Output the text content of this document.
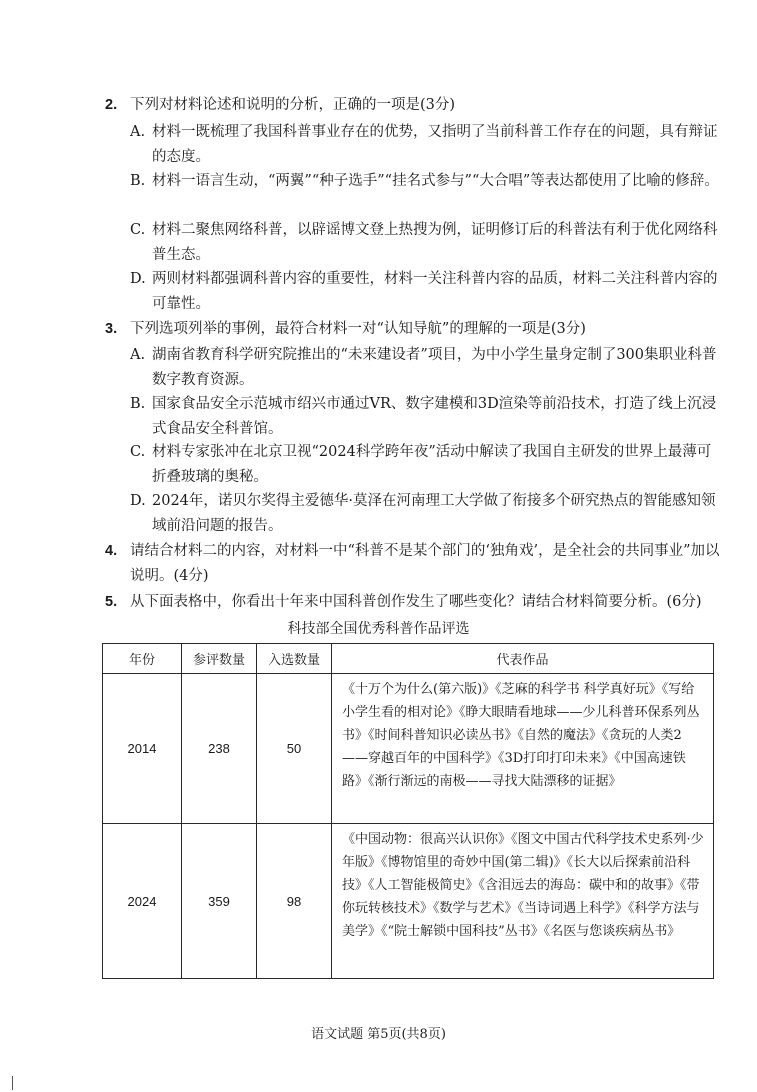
2. 下列对材料论述和说明的分析，正确的一项是(3分)
A. 材料一既梳理了我国科普事业存在的优势，又指明了当前科普工作存在的问题，具有辩证的态度。
B. 材料一语言生动，“两翼”“种子选手”“挂名式参与”“大合唱”等表达都使用了比喻的修辞。
C. 材料二聚焦网络科普，以辟谣博文登上热搜为例，证明修订后的科普法有利于优化网络科普生态。
D. 两则材料都强调科普内容的重要性，材料一关注科普内容的品质，材料二关注科普内容的可靠性。
3. 下列选项列举的事例，最符合材料一对“认知导航”的理解的一项是(3分)
A. 湖南省教育科学研究院推出的“未来建设者”项目，为中小学生量身定制了300集职业科普数字教育资源。
B. 国家食品安全示范城市绍兴市通过VR、数字建模和3D渲染等前沿技术，打造了线上沉浸式食品安全科普馆。
C. 材料专家张冲在北京卫视“2024科学跨年夜”活动中解读了我国自主研发的世界上最薄可折叠玻璃的奥秘。
D. 2024年，诺贝尔奖得主爱德华·莫泽在河南理工大学做了衔接多个研究热点的智能感知领域前沿问题的报告。
4. 请结合材料二的内容，对材料一中“科普不是某个部门的‘独角戏’，是全社会的共同事业”加以说明。(4分)
5. 从下面表格中，你看出十年来中国科普创作发生了哪些变化？请结合材料简要分析。(6分)
科技部全国优秀科普作品评选
年份	参评数量	入选数量	代表作品
2014	238	50	《十万个为什么(第六版)》《芝麻的科学书 科学真好玩》《写给小学生看的相对论》《睁大眼睛看地球——少儿科普环保系列丛书》《时间科普知识必读丛书》《自然的魔法》《贪玩的人类2——穿越百年的中国科学》《3D打印打印未来》《中国高速铁路》《渐行渐远的南极——寻找大陆漂移的证据》
2024	359	98	《中国动物：很高兴认识你》《图文中国古代科学技术史系列·少年版》《博物馆里的奇妙中国(第二辑)》《长大以后探索前沿科技》《人工智能极简史》《含泪远去的海岛：碳中和的故事》《带你玩转核技术》《数学与艺术》《当诗词遇上科学》《科学方法与美学》《“院士解锁中国科技”丛书》《名医与您谈疾病丛书》
语文试题 第5页(共8页)
